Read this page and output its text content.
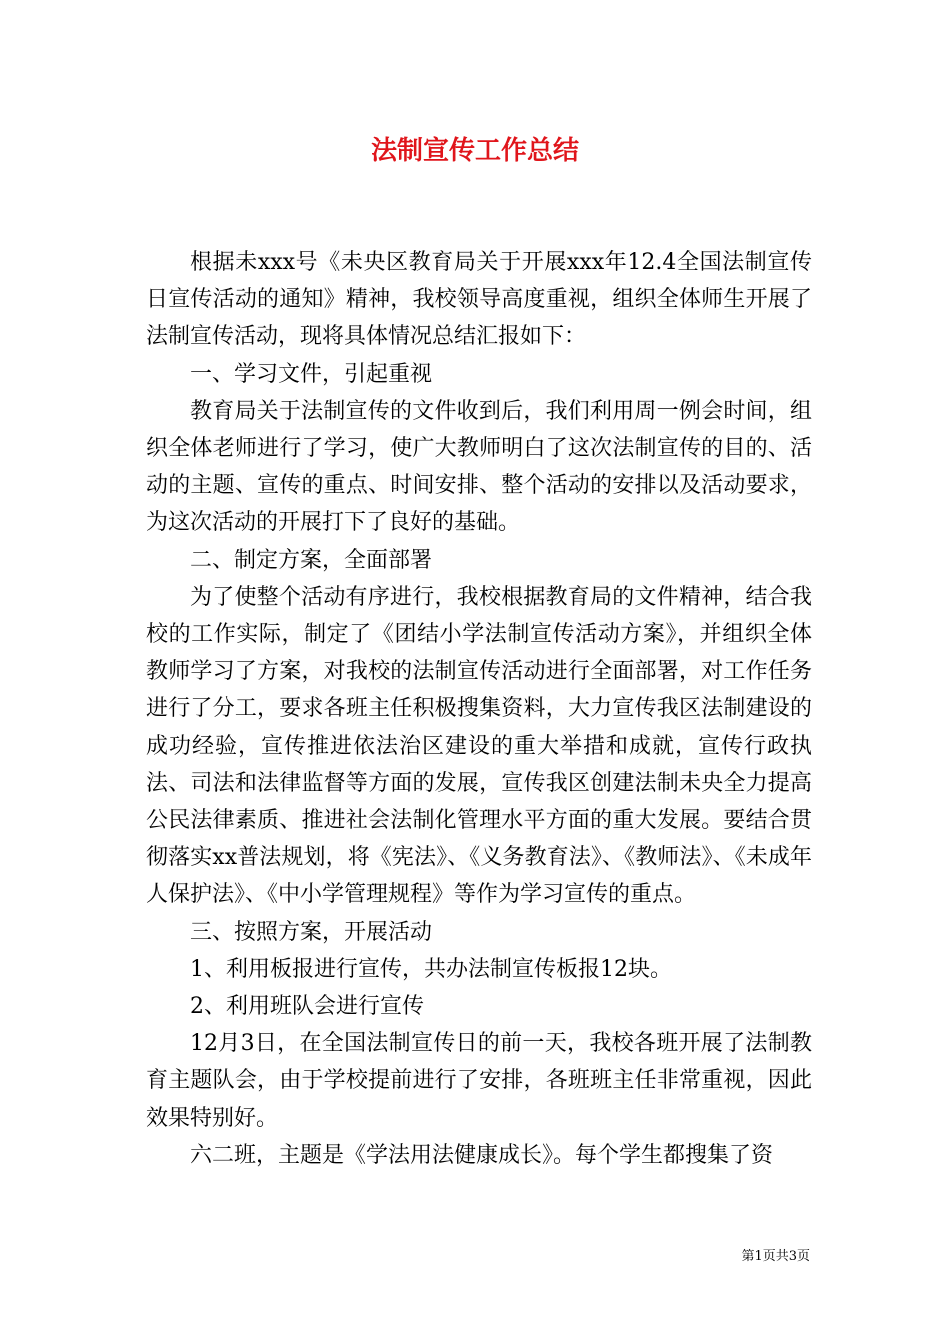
法制宣传工作总结

根据未xxx号《未央区教育局关于开展xxx年12.4全国法制宣传日宣传活动的通知》精神，我校领导高度重视，组织全体师生开展了法制宣传活动，现将具体情况总结汇报如下：

一、学习文件，引起重视

教育局关于法制宣传的文件收到后，我们利用周一例会时间，组织全体老师进行了学习，使广大教师明白了这次法制宣传的目的、活动的主题、宣传的重点、时间安排、整个活动的安排以及活动要求，为这次活动的开展打下了良好的基础。

二、制定方案，全面部署

为了使整个活动有序进行，我校根据教育局的文件精神，结合我校的工作实际，制定了《团结小学法制宣传活动方案》，并组织全体教师学习了方案，对我校的法制宣传活动进行全面部署，对工作任务进行了分工，要求各班主任积极搜集资料，大力宣传我区法制建设的成功经验，宣传推进依法治区建设的重大举措和成就，宣传行政执法、司法和法律监督等方面的发展，宣传我区创建法制未央全力提高公民法律素质、推进社会法制化管理水平方面的重大发展。要结合贯彻落实xx普法规划，将《宪法》、《义务教育法》、《教师法》、《未成年人保护法》、《中小学管理规程》等作为学习宣传的重点。

三、按照方案，开展活动

1、利用板报进行宣传，共办法制宣传板报12块。

2、利用班队会进行宣传

12月3日，在全国法制宣传日的前一天，我校各班开展了法制教育主题队会，由于学校提前进行了安排，各班班主任非常重视，因此效果特别好。

六二班，主题是《学法用法健康成长》。每个学生都搜集了资

第1页共3页
